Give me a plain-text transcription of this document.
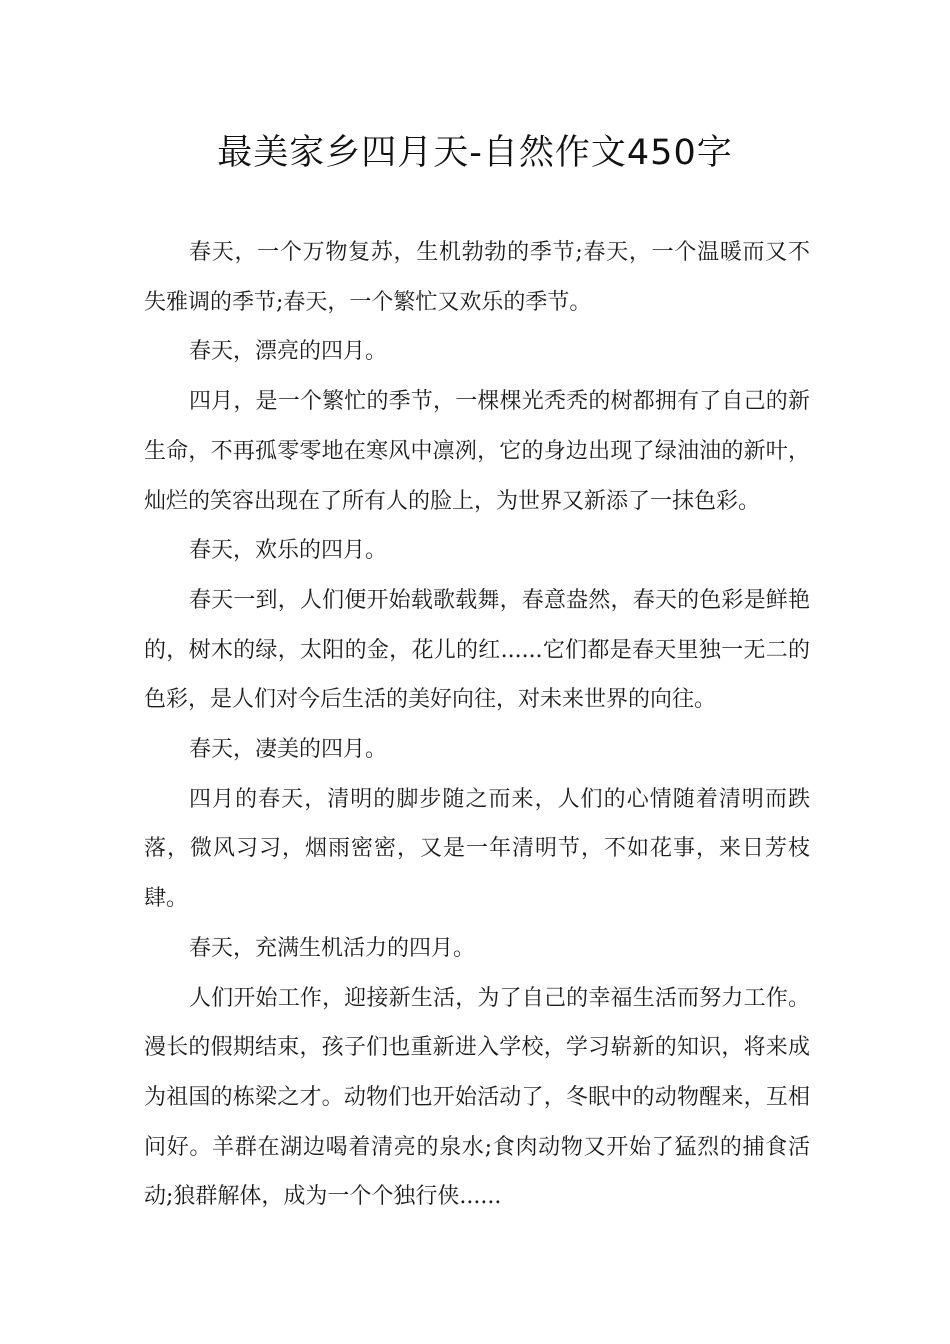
最美家乡四月天-自然作文450字

春天，一个万物复苏，生机勃勃的季节;春天，一个温暖而又不失雅调的季节;春天，一个繁忙又欢乐的季节。

春天，漂亮的四月。

四月，是一个繁忙的季节，一棵棵光秃秃的树都拥有了自己的新生命，不再孤零零地在寒风中凛冽，它的身边出现了绿油油的新叶，灿烂的笑容出现在了所有人的脸上，为世界又新添了一抹色彩。

春天，欢乐的四月。

春天一到，人们便开始载歌载舞，春意盎然，春天的色彩是鲜艳的，树木的绿，太阳的金，花儿的红......它们都是春天里独一无二的色彩，是人们对今后生活的美好向往，对未来世界的向往。

春天，凄美的四月。

四月的春天，清明的脚步随之而来，人们的心情随着清明而跌落，微风习习，烟雨密密，又是一年清明节，不如花事，来日芳枝肆。

春天，充满生机活力的四月。

人们开始工作，迎接新生活，为了自己的幸福生活而努力工作。漫长的假期结束，孩子们也重新进入学校，学习崭新的知识，将来成为祖国的栋梁之才。动物们也开始活动了，冬眠中的动物醒来，互相问好。羊群在湖边喝着清亮的泉水;食肉动物又开始了猛烈的捕食活动;狼群解体，成为一个个独行侠......
